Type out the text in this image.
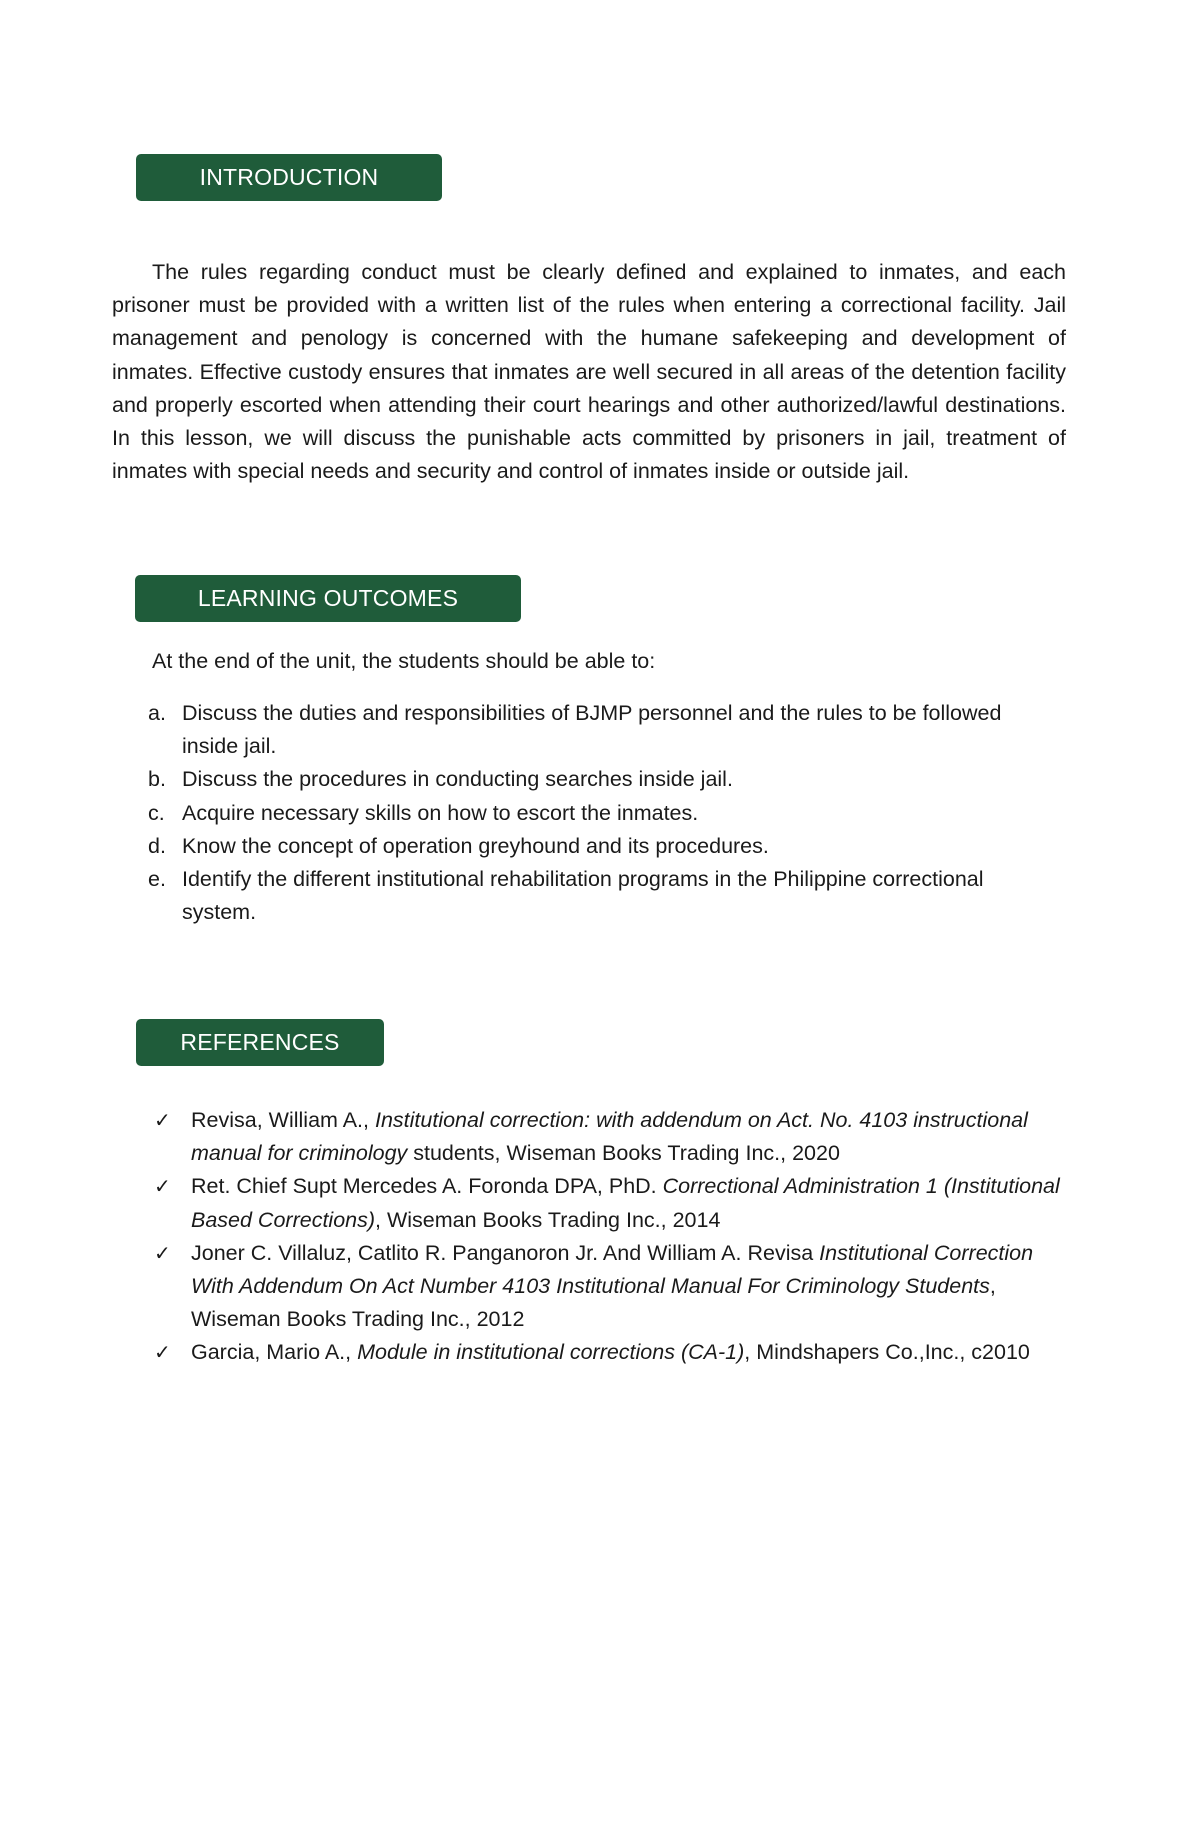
INTRODUCTION

The rules regarding conduct must be clearly defined and explained to inmates, and each prisoner must be provided with a written list of the rules when entering a correctional facility. Jail management and penology is concerned with the humane safekeeping and development of inmates. Effective custody ensures that inmates are well secured in all areas of the detention facility and properly escorted when attending their court hearings and other authorized/lawful destinations. In this lesson, we will discuss the punishable acts committed by prisoners in jail, treatment of inmates with special needs and security and control of inmates inside or outside jail.

LEARNING OUTCOMES

At the end of the unit, the students should be able to:

a. Discuss the duties and responsibilities of BJMP personnel and the rules to be followed inside jail.
b. Discuss the procedures in conducting searches inside jail.
c. Acquire necessary skills on how to escort the inmates.
d. Know the concept of operation greyhound and its procedures.
e. Identify the different institutional rehabilitation programs in the Philippine correctional system.
REFERENCES
✓ Revisa, William A., Institutional correction: with addendum on Act. No. 4103 instructional manual for criminology students, Wiseman Books Trading Inc., 2020
✓ Ret. Chief Supt Mercedes A. Foronda DPA, PhD. Correctional Administration 1 (Institutional Based Corrections), Wiseman Books Trading Inc., 2014
✓ Joner C. Villaluz, Catlito R. Panganoron Jr. And William A. Revisa Institutional Correction With Addendum On Act Number 4103 Institutional Manual For Criminology Students, Wiseman Books Trading Inc., 2012
✓ Garcia, Mario A., Module in institutional corrections (CA-1), Mindshapers Co.,Inc., c2010
